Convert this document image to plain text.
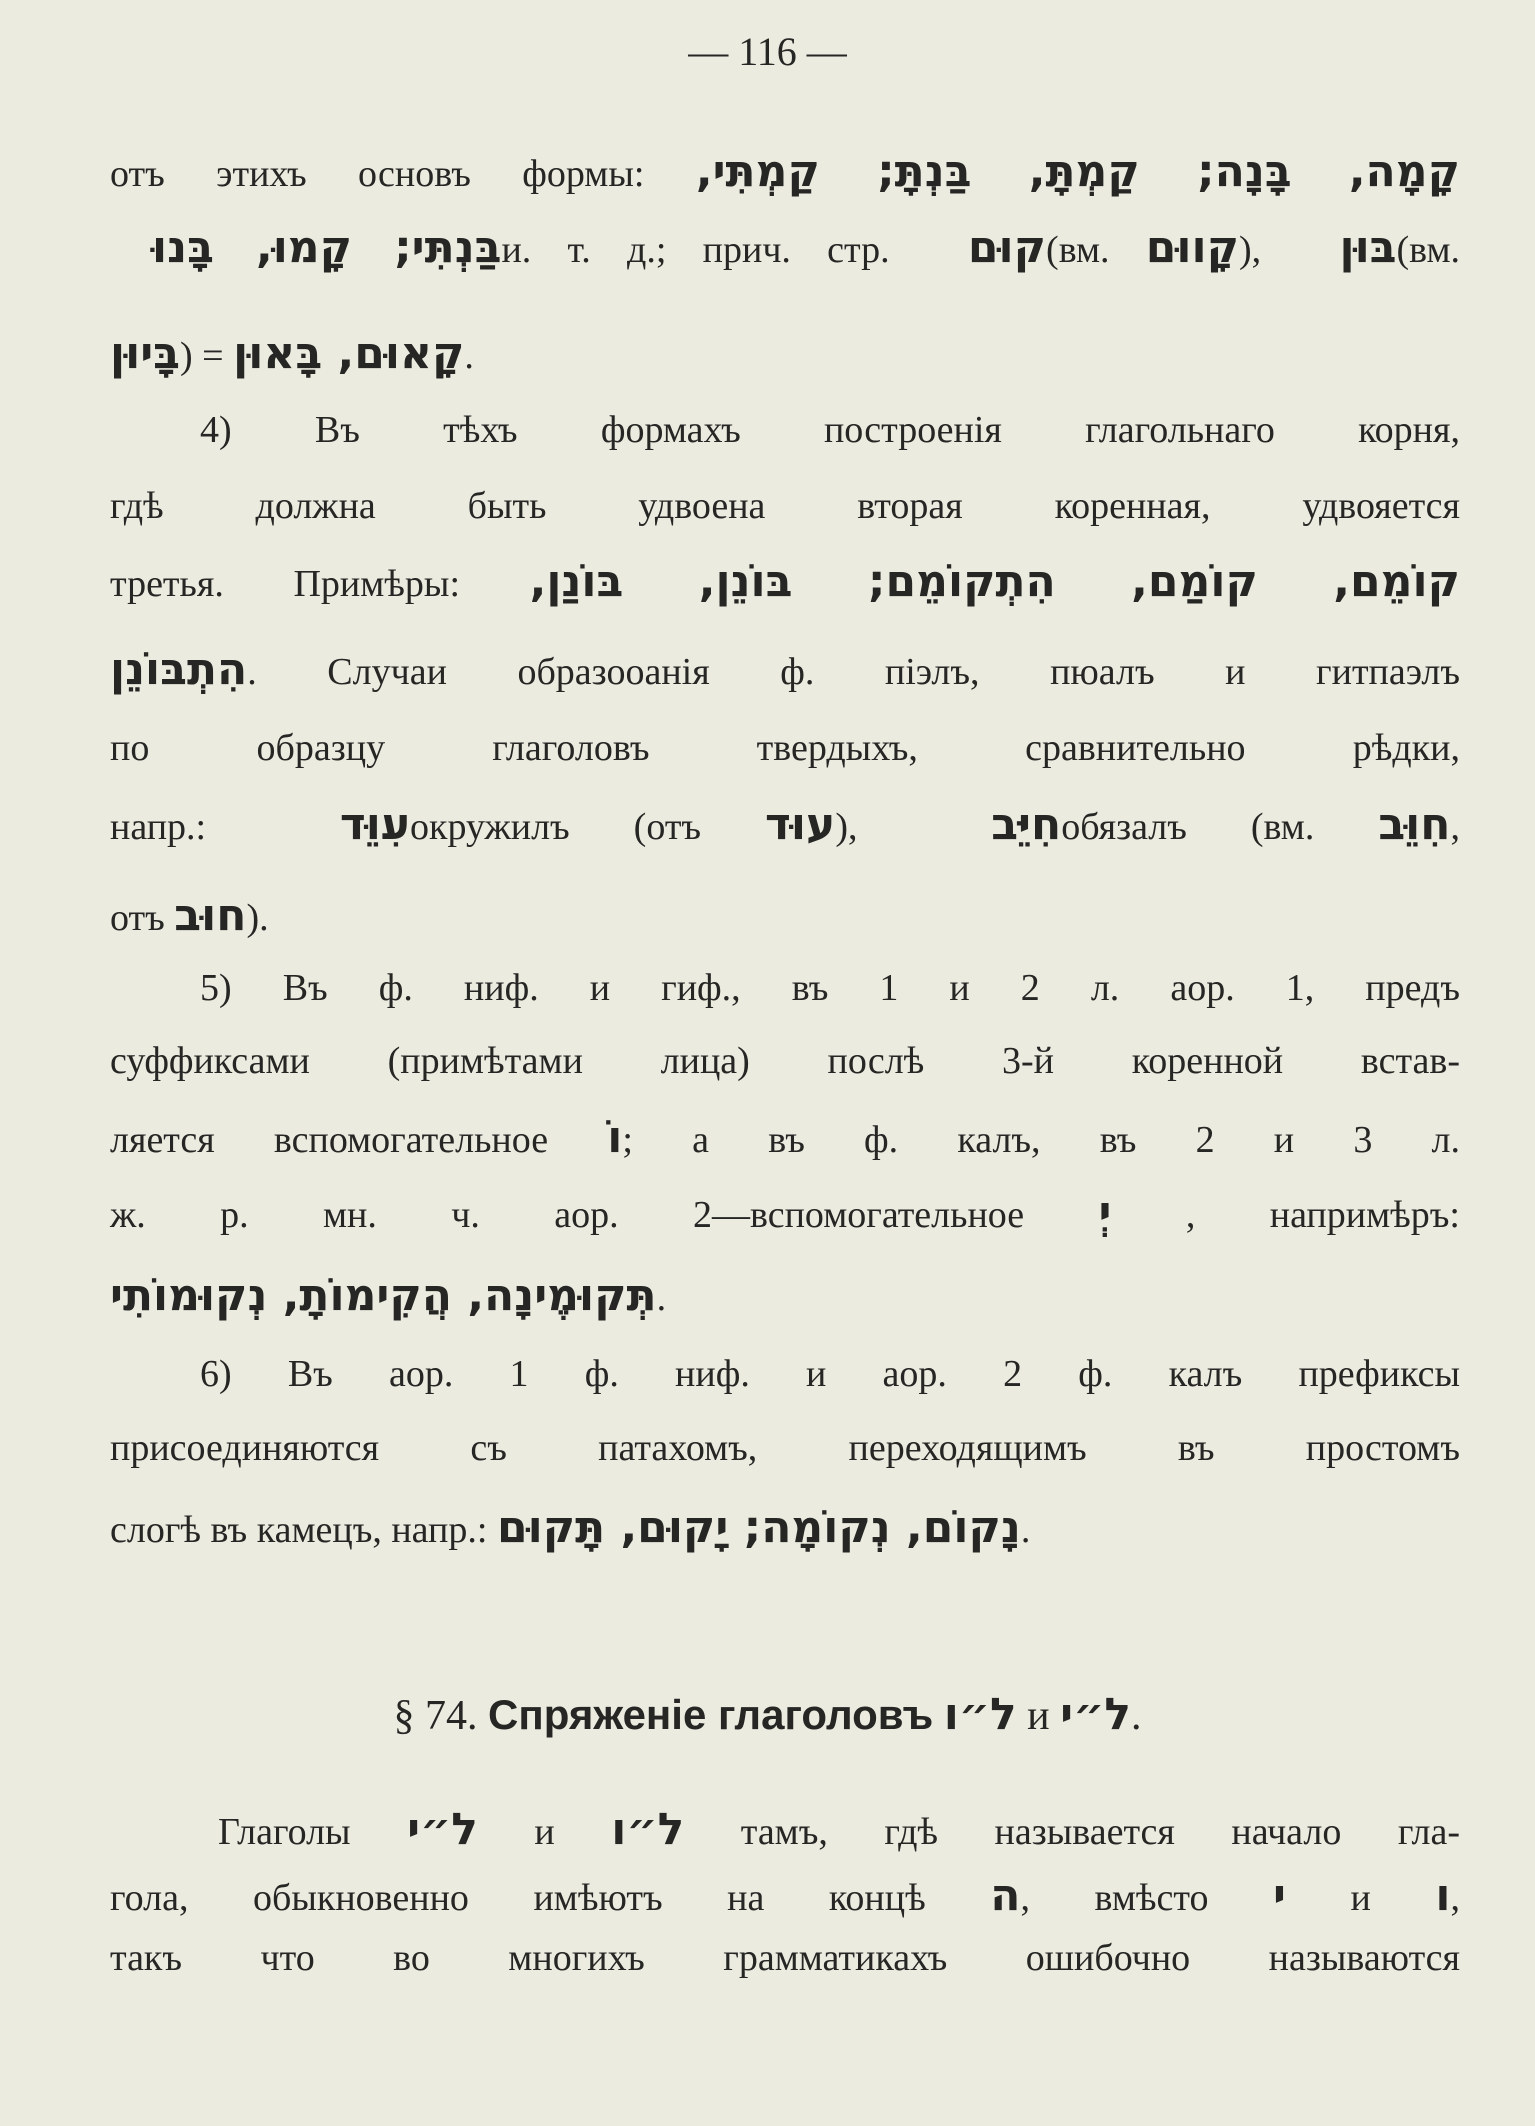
— 116 —
отъ этихъ основъ формы: קָמָה, בָּנָה; קַמְתָּ, בַּנְתָּ; קַמְתִּי,
בַּנְתִּי; קָמוּ, בָּנוּ и. т. д.; прич. стр. קוּם (вм. קָווּם), בּוּן (вм.
בָּיוּן) = קָאוּם, בָּאוּן.
4) Въ тѣхъ формахъ построенія глагольнаго корня,
гдѣ должна быть удвоена вторая коренная, удвояется
третья. Примѣры: קוֹמֵם, קוֹמַם, הִתְקוֹמֵם; בּוֹנֵן, בּוֹנַן,
הִתְבּוֹנֵן. Случаи образооанія ф. піэлъ, пюалъ и гитпаэлъ
по образцу глаголовъ твердыхъ, сравнительно рѣдки,
напр.: עִוֵּד окружилъ (отъ עוּד), חִיֵּב обязалъ (вм. חִוֵּב,
отъ חוּב).
5) Въ ф. ниф. и гиф., въ 1 и 2 л. аор. 1, предъ
суффиксами (примѣтами лица) послѣ 3-й коренной встав-
ляется вспомогательное וֹ; а въ ф. калъ, въ 2 и 3 л.
ж. р. мн. ч. аор. 2—вспомогательное יְ , напримѣръ:
תְּקוּמֶינָה, הֲקִימוֹתָ, נְקוּמוֹתִי.
6) Въ аор. 1 ф. ниф. и аор. 2 ф. калъ префиксы
присоединяются съ патахомъ, переходящимъ въ простомъ
слогѣ въ камецъ, напр.: נָקוֹם, נְקוֹמָה; יָקוּם, תָּקוּם.
§ 74. Спряженіе глаголовъ ל״ו и ל״י.
Глаголы ל״י и ל״ו тамъ, гдѣ называется начало гла-
гола, обыкновенно имѣютъ на концѣ ה, вмѣсто י и ו,
такъ что во многихъ грамматикахъ ошибочно называются
